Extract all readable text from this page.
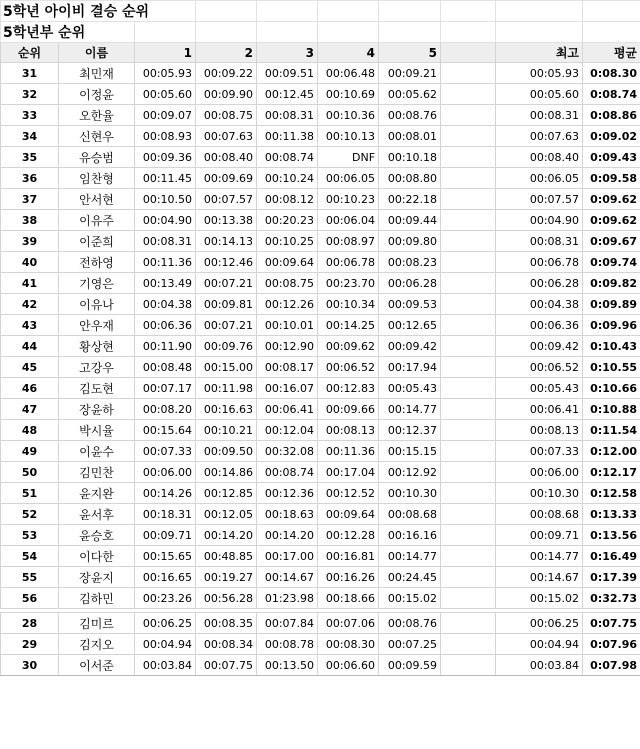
5학년 아이비 결승 순위									
5학년부 순위									
순위	이름	1	2	3	4	5		최고	평균
31	최민재	00:05.93	00:09.22	00:09.51	00:06.48	00:09.21		00:05.93	0:08.30
32	이정윤	00:05.60	00:09.90	00:12.45	00:10.69	00:05.62		00:05.60	0:08.74
33	오한율	00:09.07	00:08.75	00:08.31	00:10.36	00:08.76		00:08.31	0:08.86
34	신현우	00:08.93	00:07.63	00:11.38	00:10.13	00:08.01		00:07.63	0:09.02
35	유승범	00:09.36	00:08.40	00:08.74	DNF	00:10.18		00:08.40	0:09.43
36	임찬형	00:11.45	00:09.69	00:10.24	00:06.05	00:08.80		00:06.05	0:09.58
37	안서현	00:10.50	00:07.57	00:08.12	00:10.23	00:22.18		00:07.57	0:09.62
38	이유주	00:04.90	00:13.38	00:20.23	00:06.04	00:09.44		00:04.90	0:09.62
39	이준희	00:08.31	00:14.13	00:10.25	00:08.97	00:09.80		00:08.31	0:09.67
40	전하영	00:11.36	00:12.46	00:09.64	00:06.78	00:08.23		00:06.78	0:09.74
41	기영은	00:13.49	00:07.21	00:08.75	00:23.70	00:06.28		00:06.28	0:09.82
42	이유나	00:04.38	00:09.81	00:12.26	00:10.34	00:09.53		00:04.38	0:09.89
43	안우재	00:06.36	00:07.21	00:10.01	00:14.25	00:12.65		00:06.36	0:09.96
44	황상현	00:11.90	00:09.76	00:12.90	00:09.62	00:09.42		00:09.42	0:10.43
45	고강우	00:08.48	00:15.00	00:08.17	00:06.52	00:17.94		00:06.52	0:10.55
46	김도현	00:07.17	00:11.98	00:16.07	00:12.83	00:05.43		00:05.43	0:10.66
47	장윤하	00:08.20	00:16.63	00:06.41	00:09.66	00:14.77		00:06.41	0:10.88
48	박시율	00:15.64	00:10.21	00:12.04	00:08.13	00:12.37		00:08.13	0:11.54
49	이윤수	00:07.33	00:09.50	00:32.08	00:11.36	00:15.15		00:07.33	0:12.00
50	김민찬	00:06.00	00:14.86	00:08.74	00:17.04	00:12.92		00:06.00	0:12.17
51	윤지완	00:14.26	00:12.85	00:12.36	00:12.52	00:10.30		00:10.30	0:12.58
52	윤서후	00:18.31	00:12.05	00:18.63	00:09.64	00:08.68		00:08.68	0:13.33
53	윤승호	00:09.71	00:14.20	00:14.20	00:12.28	00:16.16		00:09.71	0:13.56
54	이다한	00:15.65	00:48.85	00:17.00	00:16.81	00:14.77		00:14.77	0:16.49
55	장윤지	00:16.65	00:19.27	00:14.67	00:16.26	00:24.45		00:14.67	0:17.39
56	김하민	00:23.26	00:56.28	01:23.98	00:18.66	00:15.02		00:15.02	0:32.73

28	김미르	00:06.25	00:08.35	00:07.84	00:07.06	00:08.76		00:06.25	0:07.75
29	김지오	00:04.94	00:08.34	00:08.78	00:08.30	00:07.25		00:04.94	0:07.96
30	이서준	00:03.84	00:07.75	00:13.50	00:06.60	00:09.59		00:03.84	0:07.98
